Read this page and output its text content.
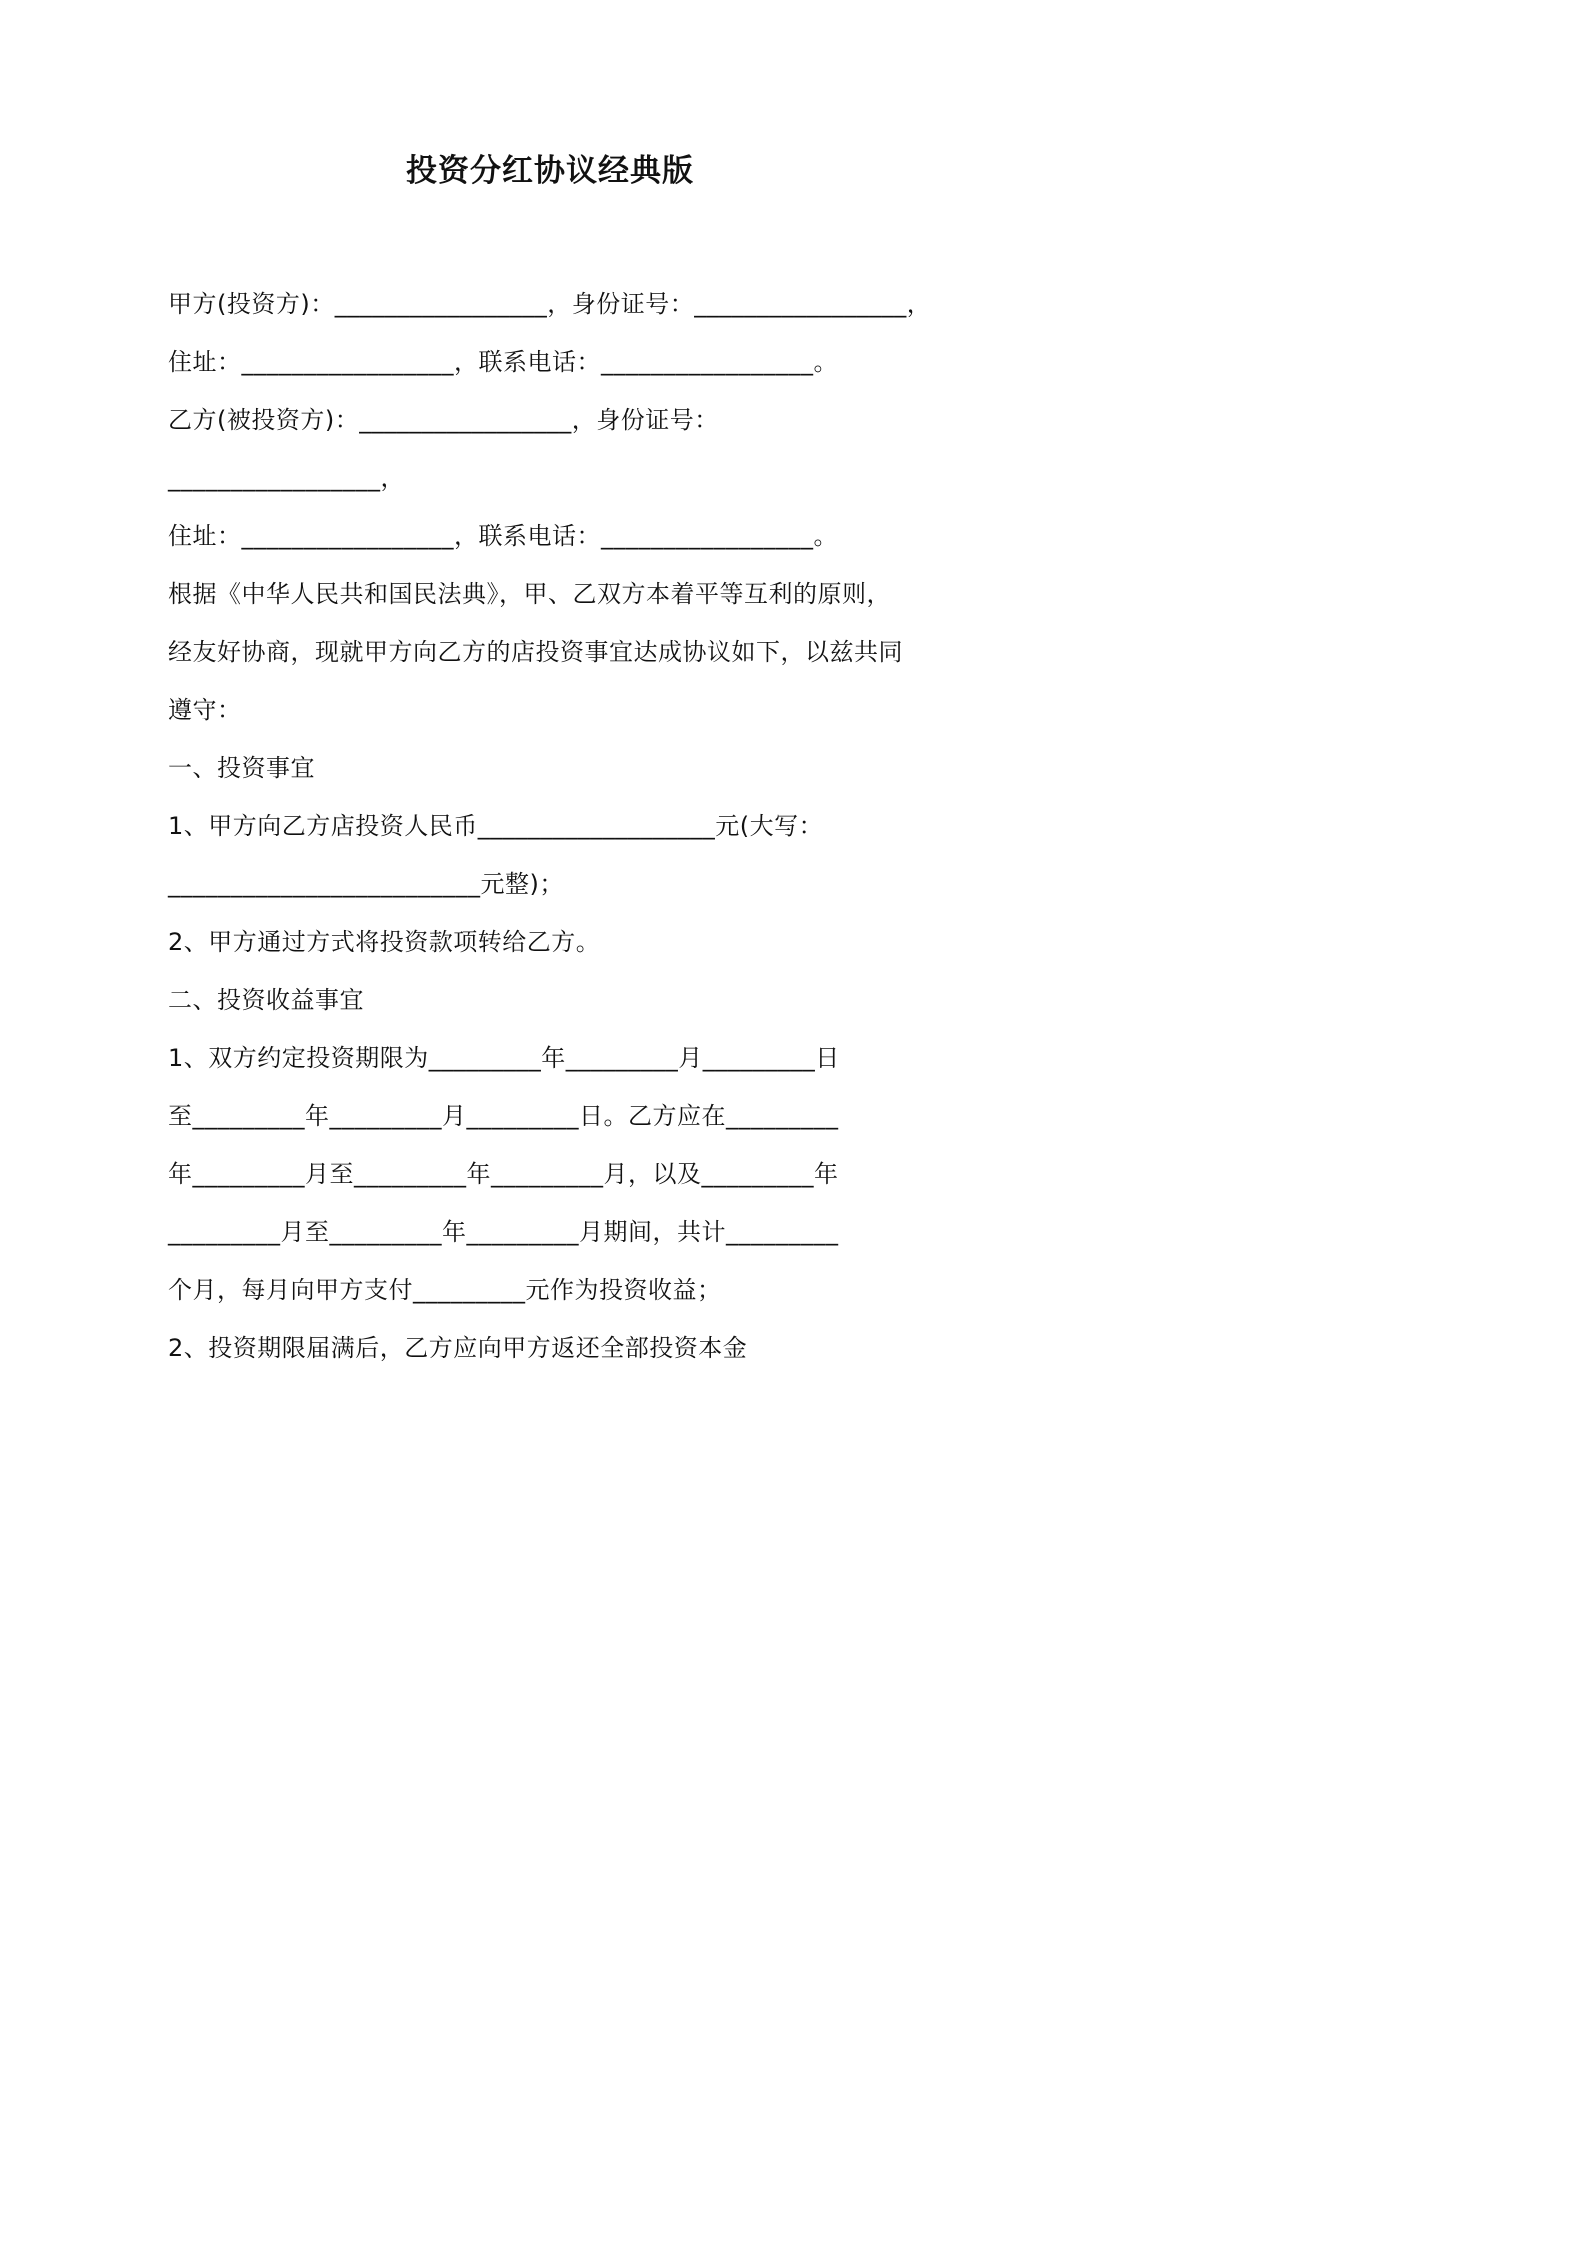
投资分红协议经典版
甲方(投资方)：_________________，身份证号：_________________，
住址：_________________，联系电话：_________________。
乙方(被投资方)：_________________，身份证号：
_________________，
住址：_________________，联系电话：_________________。
根据《中华人民共和国民法典》，甲、乙双方本着平等互利的原则，
经友好协商，现就甲方向乙方的店投资事宜达成协议如下，以兹共同
遵守：
一、投资事宜
1、甲方向乙方店投资人民币___________________元(大写：
_________________________元整)；
2、甲方通过方式将投资款项转给乙方。
二、投资收益事宜
1、双方约定投资期限为_________年_________月_________日
至_________年_________月_________日。乙方应在_________
年_________月至_________年_________月，以及_________年
_________月至_________年_________月期间，共计_________
个月，每月向甲方支付_________元作为投资收益；
2、投资期限届满后，乙方应向甲方返还全部投资本金
